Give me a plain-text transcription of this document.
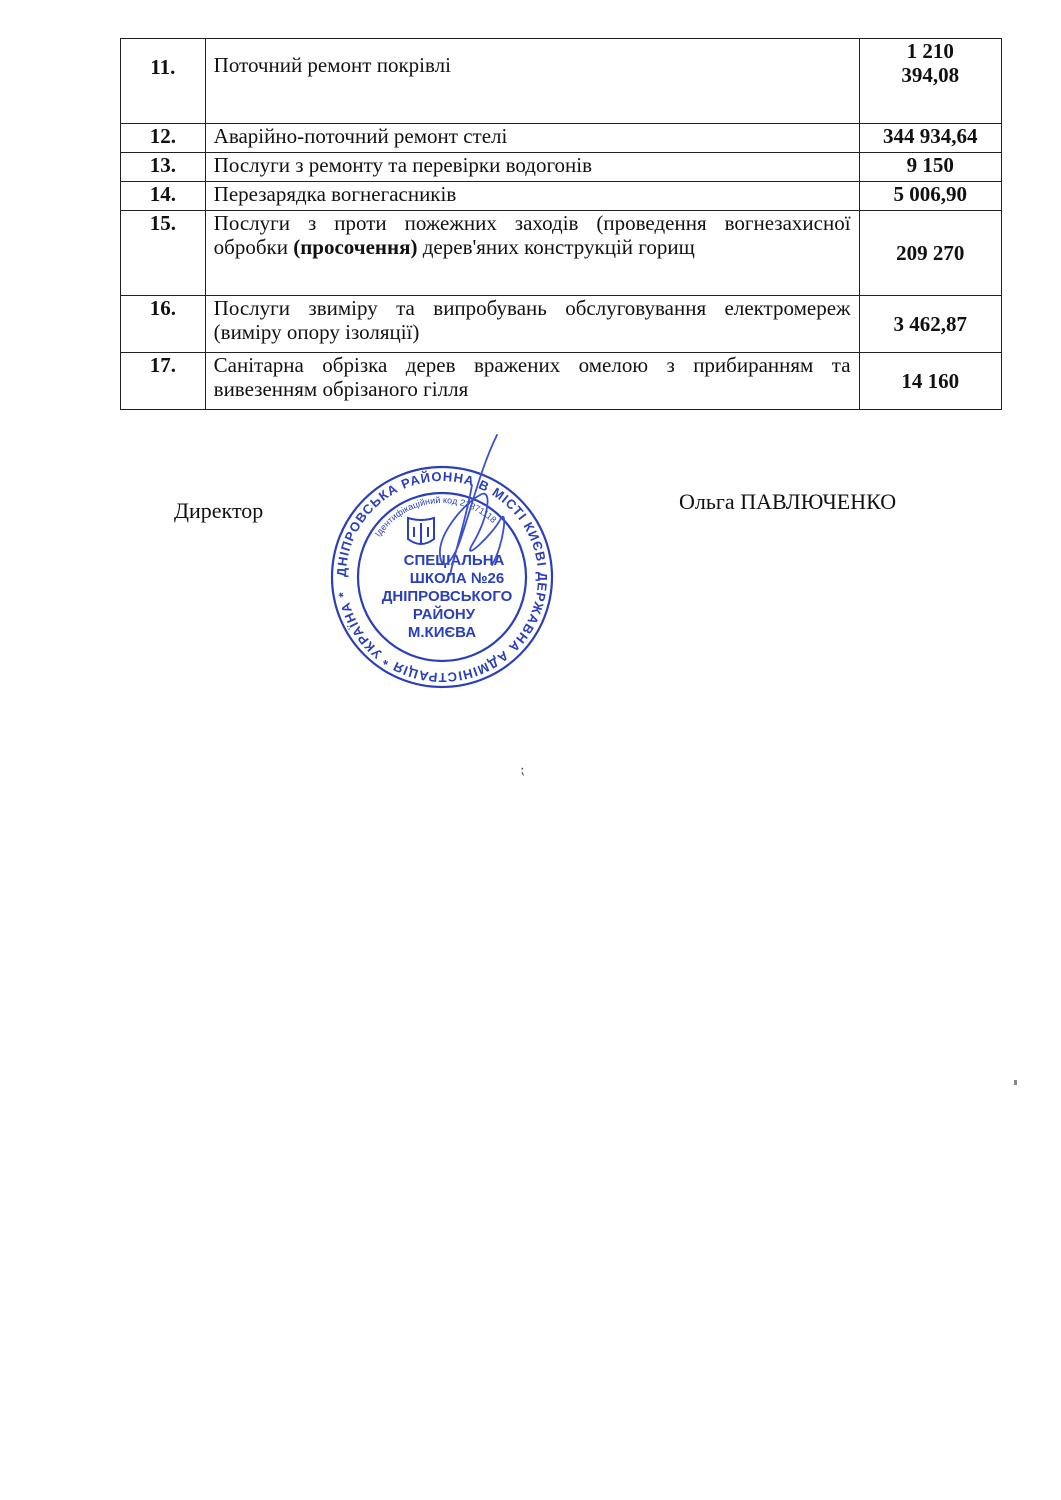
11.	Поточний ремонт покрівлі	1 210
394,08

12.	Аварійно-поточний ремонт стелі	344 934,64
13.	Послуги з ремонту та перевірки водогонів	9 150
14.	Перезарядка вогнегасників	5 006,90
15.	Послуги з проти пожежних заходів (проведення вогнезахисної обробки (просочення) дерев'яних конструкцій горищ	209 270
16.	Послуги звиміру та випробувань обслуговування електромереж (виміру опору ізоляції)	3 462,87
17.	Санітарна обрізка дерев вражених омелою з прибиранням та вивезенням обрізаного гілля	14 160
Директор	Ольга ПАВЛЮЧЕНКО
ДНІПРОВСЬКА РАЙОННА В МІСТІ КИЄВІ ДЕРЖАВНА АДМІНІСТРАЦІЯ * УКРАЇНА *
Ідентифікаційний код 22871118
СПЕЦІАЛЬНА
ШКОЛА №26
ДНІПРОВСЬКОГО
РАЙОНУ
М.КИЄВА
⁏
